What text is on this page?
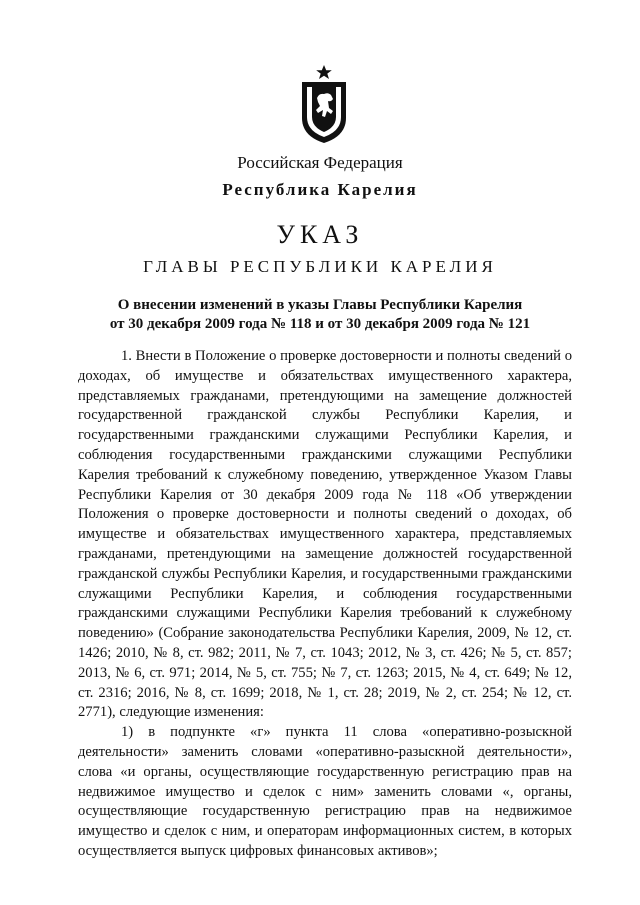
Российская Федерация
Республика Карелия
УКАЗ
ГЛАВЫ РЕСПУБЛИКИ КАРЕЛИЯ
О внесении изменений в указы Главы Республики Карелия
от 30 декабря 2009 года № 118 и от 30 декабря 2009 года № 121

1. Внести в Положение о проверке достоверности и полноты сведений о доходах, об имуществе и обязательствах имущественного характера, представляемых гражданами, претендующими на замещение должностей государственной гражданской службы Республики Карелия, и государственными гражданскими служащими Республики Карелия, и соблюдения государственными гражданскими служащими Республики Карелия требований к служебному поведению, утвержденное Указом Главы Республики Карелия от 30 декабря 2009 года № 118 «Об утверждении Положения о проверке достоверности и полноты сведений о доходах, об имуществе и обязательствах имущественного характера, представляемых гражданами, претендующими на замещение должностей государственной гражданской службы Республики Карелия, и государственными гражданскими служащими Республики Карелия, и соблюдения государственными гражданскими служащими Республики Карелия требований к служебному поведению» (Собрание законодательства Республики Карелия, 2009, № 12, ст. 1426; 2010, № 8, ст. 982; 2011, № 7, ст. 1043; 2012, № 3, ст. 426; № 5, ст. 857; 2013, № 6, ст. 971; 2014, № 5, ст. 755; № 7, ст. 1263; 2015, № 4, ст. 649; № 12, ст. 2316; 2016, № 8, ст. 1699; 2018, № 1, ст. 28; 2019, № 2, ст. 254; № 12, ст. 2771), следующие изменения:

1) в подпункте «г» пункта 11 слова «оперативно-розыскной деятельности» заменить словами «оперативно-разыскной деятельности», слова «и органы, осуществляющие государственную регистрацию прав на недвижимое имущество и сделок с ним» заменить словами «, органы, осуществляющие государственную регистрацию прав на недвижимое имущество и сделок с ним, и операторам информационных систем, в которых осуществляется выпуск цифровых финансовых активов»;
